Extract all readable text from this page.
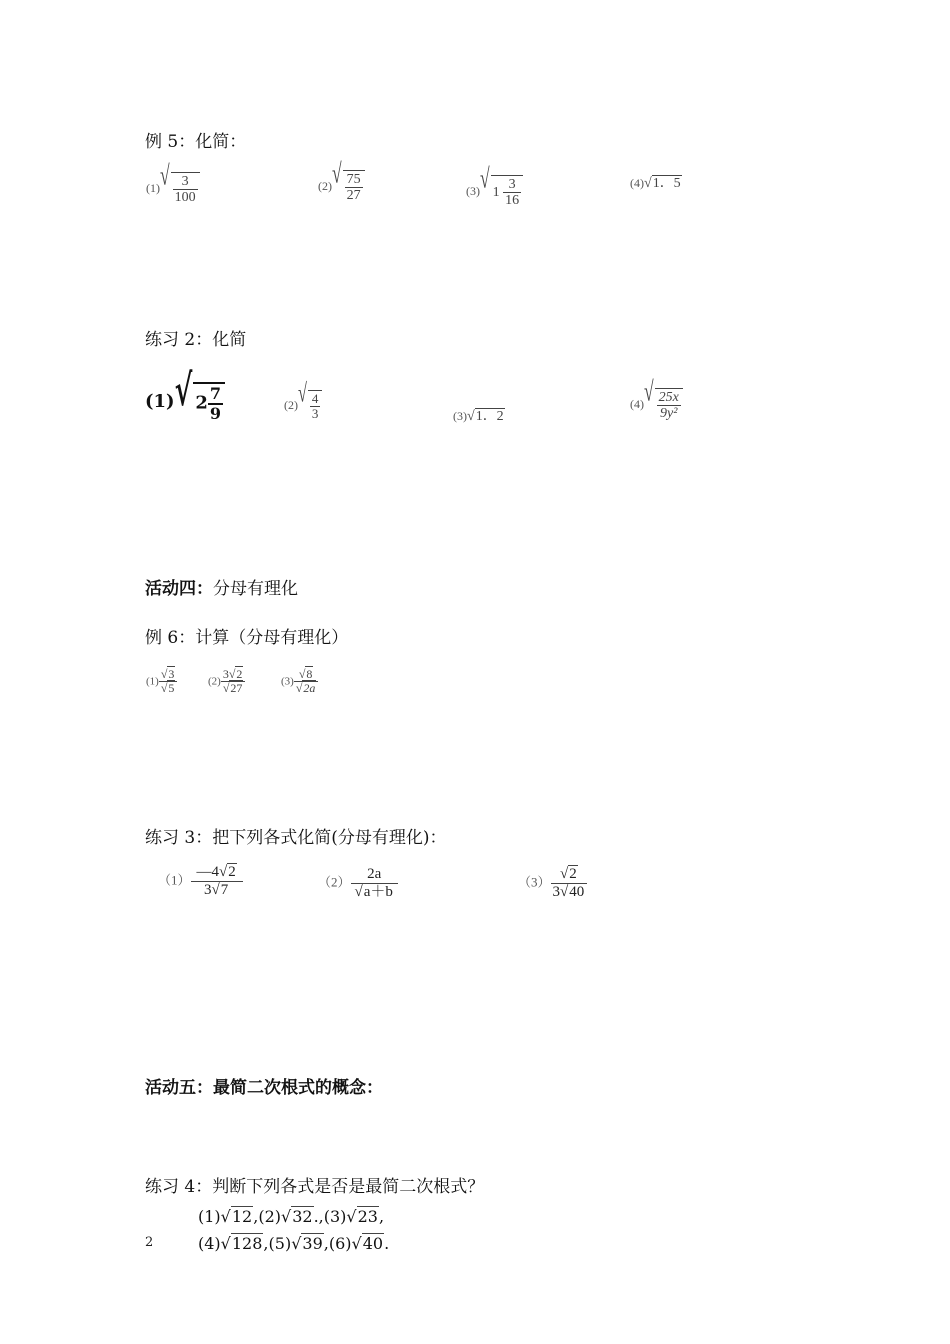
例 5：化简：
(1) √ $\frac{3}{100}$	(2) √ $\frac{75}{27}$	(3) √ $1 \frac{3}{16}$	(4)√1．5
练习 2：化简
(1) √ $2 \frac{7}{9}$	(2) √ $\frac{4}{3}$	(3)√1．2
(4) √ $\frac{25x}{\text{9y²}}$
活动四：分母有理化
例 6：计算（分母有理化）
$(1) \frac{√3}{√5}$	$(2) \frac{3√2}{√27}$	$(3) \frac{√8}{√2a}$
练习 3：把下列各式化简(分母有理化)：
$(1) \frac{—4√2}{3√7}$	$(2) \frac{2a}{√a+b}$	$(3) \frac{√2}{3√40}$
活动五：最简二次根式的概念：
练习 4：判断下列各式是否是最简二次根式？
(1)√12,(2)√32.,(3)√23,
(4)√128,(5)√39,(6)√40.
2
